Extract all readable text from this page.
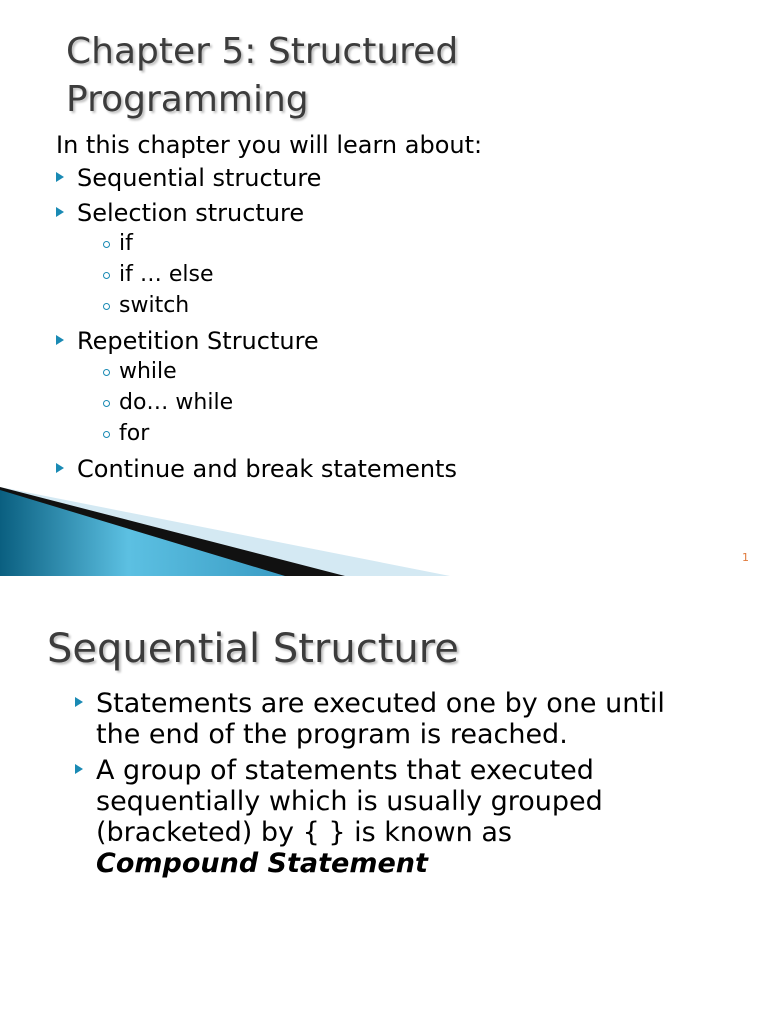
Chapter 5: Structured
Programming

In this chapter you will learn about:

Sequential structure
Selection structure
if
if … else
switch
Repetition Structure
while
do… while
for
Continue and break statements
1
Sequential Structure
Statements are executed one by one until the end of the program is reached.
A group of statements that executed sequentially which is usually grouped (bracketed) by { } is known as
Compound Statement
